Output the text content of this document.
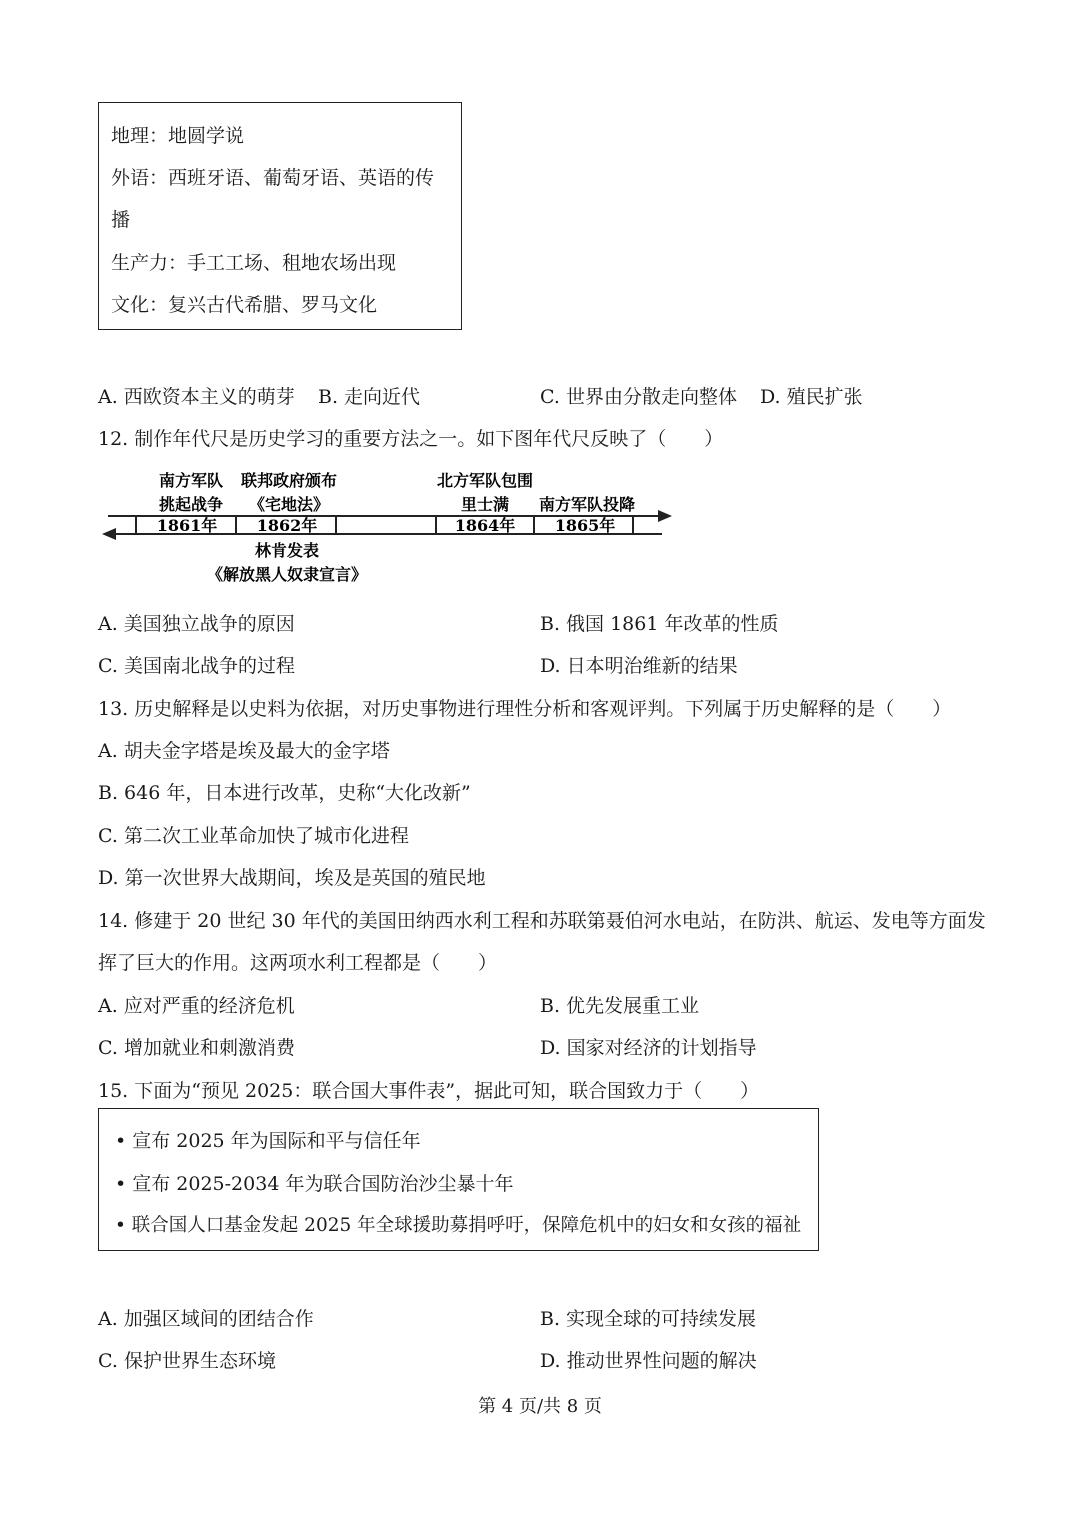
地理：地圆学说

外语：西班牙语、葡萄牙语、英语的传

播

生产力：手工工场、租地农场出现

文化：复兴古代希腊、罗马文化

A. 西欧资本主义的萌芽 B. 走向近代	C. 世界由分散走向整体 D. 殖民扩张
12. 制作年代尺是历史学习的重要方法之一。如下图年代尺反映了（　　）
1861年 1862年	1864年 1865年
南方军队
挑起战争
联邦政府颁布
《宅地法》
北方军队包围
里士满 南方军队投降
林肯发表
《解放黑人奴隶宣言》
A. 美国独立战争的原因	B. 俄国 1861 年改革的性质
C. 美国南北战争的过程	D. 日本明治维新的结果
13. 历史解释是以史料为依据，对历史事物进行理性分析和客观评判。下列属于历史解释的是（　　）
A. 胡夫金字塔是埃及最大的金字塔
B. 646 年，日本进行改革，史称“大化改新”
C. 第二次工业革命加快了城市化进程
D. 第一次世界大战期间，埃及是英国的殖民地
14. 修建于 20 世纪 30 年代的美国田纳西水利工程和苏联第聂伯河水电站，在防洪、航运、发电等方面发
挥了巨大的作用。这两项水利工程都是（　　）
A. 应对严重的经济危机	B. 优先发展重工业
C. 增加就业和刺激消费	D. 国家对经济的计划指导
15. 下面为“预见 2025：联合国大事件表”，据此可知，联合国致力于（　　）

• 宣布 2025 年为国际和平与信任年

• 宣布 2025-2034 年为联合国防治沙尘暴十年

• 联合国人口基金发起 2025 年全球援助募捐呼吁，保障危机中的妇女和女孩的福祉

A. 加强区域间的团结合作	B. 实现全球的可持续发展
C. 保护世界生态环境	D. 推动世界性问题的解决
第 4 页/共 8 页
